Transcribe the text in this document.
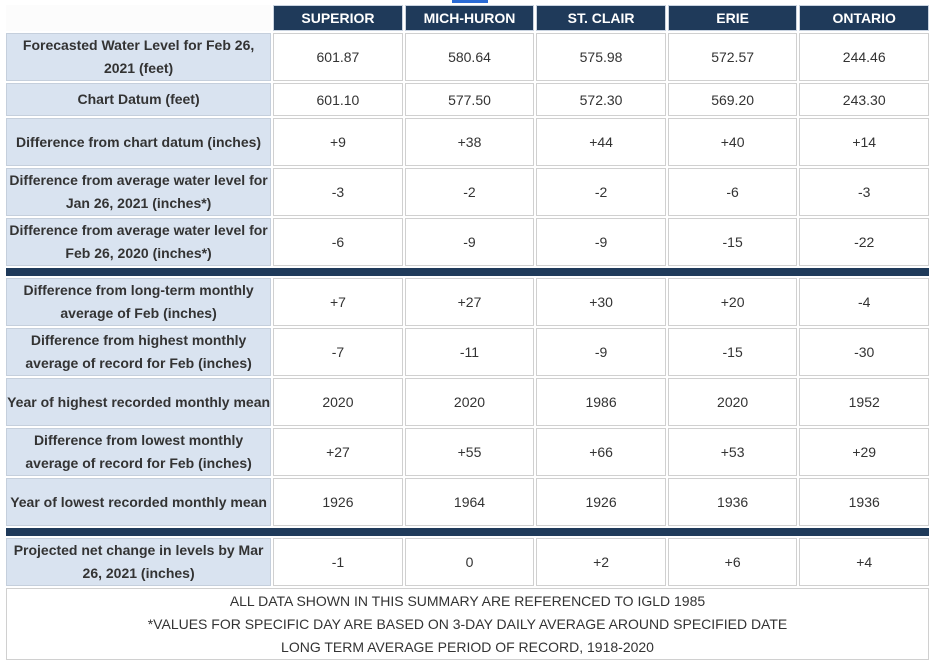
	SUPERIOR	MICH-HURON	ST. CLAIR	ERIE	ONTARIO
Forecasted Water Level for Feb 26, 2021 (feet)	601.87	580.64	575.98	572.57	244.46
Chart Datum (feet)	601.10	577.50	572.30	569.20	243.30
Difference from chart datum (inches)	+9	+38	+44	+40	+14
Difference from average water level for Jan 26, 2021 (inches*)	-3	-2	-2	-6	-3
Difference from average water level for Feb 26, 2020 (inches*)	-6	-9	-9	-15	-22

Difference from long-term monthly average of Feb (inches)	+7	+27	+30	+20	-4
Difference from highest monthly average of record for Feb (inches)	-7	-11	-9	-15	-30
Year of highest recorded monthly mean	2020	2020	1986	2020	1952
Difference from lowest monthly average of record for Feb (inches)	+27	+55	+66	+53	+29
Year of lowest recorded monthly mean	1926	1964	1926	1936	1936

Projected net change in levels by Mar 26, 2021 (inches)	-1	0	+2	+6	+4

ALL DATA SHOWN IN THIS SUMMARY ARE REFERENCED TO IGLD 1985
*VALUES FOR SPECIFIC DAY ARE BASED ON 3-DAY DAILY AVERAGE AROUND SPECIFIED DATE
LONG TERM AVERAGE PERIOD OF RECORD, 1918-2020					
